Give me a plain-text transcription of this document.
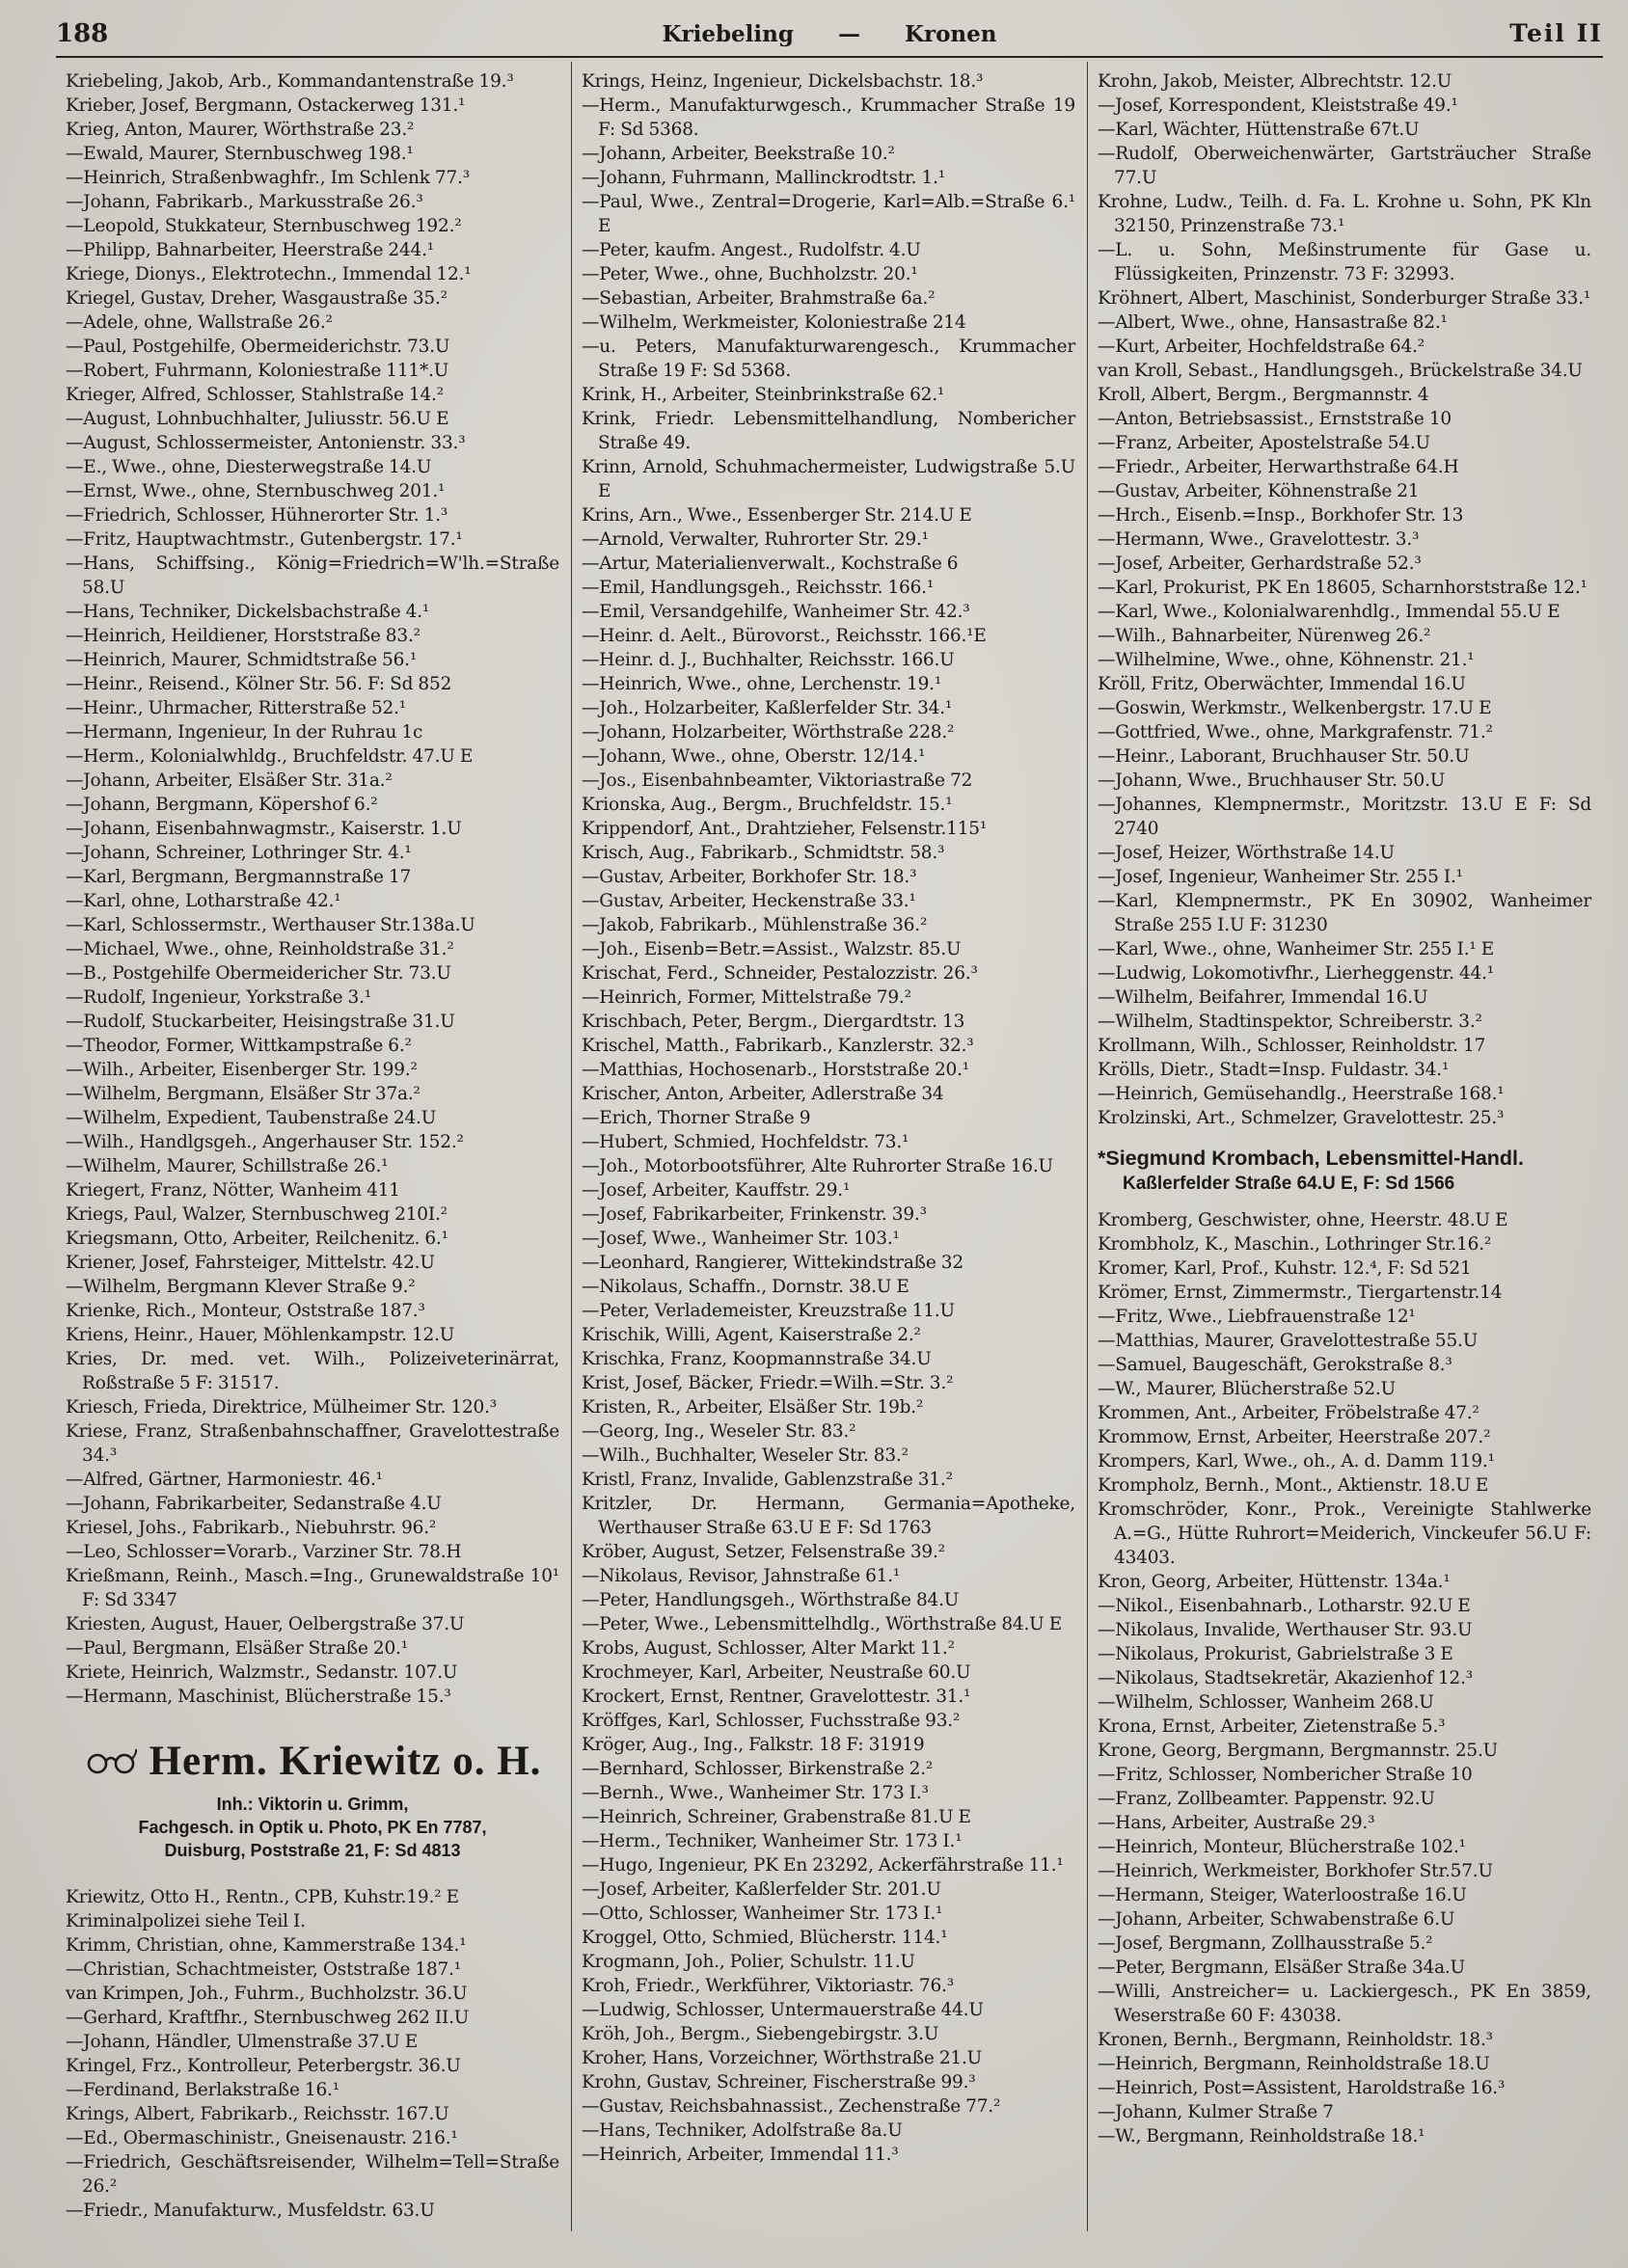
188	Kriebeling — Kronen	Teil II
Kriebeling, Jakob, Arb., Kommandantenstraße 19.³
Krieber, Josef, Bergmann, Ostackerweg 131.¹
Krieg, Anton, Maurer, Wörthstraße 23.²
—Ewald, Maurer, Sternbuschweg 198.¹
—Heinrich, Straßenbwaghfr., Im Schlenk 77.³
—Johann, Fabrikarb., Markusstraße 26.³
—Leopold, Stukkateur, Sternbuschweg 192.²
—Philipp, Bahnarbeiter, Heerstraße 244.¹
Kriege, Dionys., Elektrotechn., Immendal 12.¹
Kriegel, Gustav, Dreher, Wasgaustraße 35.²
—Adele, ohne, Wallstraße 26.²
—Paul, Postgehilfe, Obermeiderichstr. 73.U
—Robert, Fuhrmann, Koloniestraße 111*.U
Krieger, Alfred, Schlosser, Stahlstraße 14.²
—August, Lohnbuchhalter, Juliusstr. 56.U E
—August, Schlossermeister, Antonienstr. 33.³
—E., Wwe., ohne, Diesterwegstraße 14.U
—Ernst, Wwe., ohne, Sternbuschweg 201.¹
—Friedrich, Schlosser, Hühnerorter Str. 1.³
—Fritz, Hauptwachtmstr., Gutenbergstr. 17.¹
—Hans, Schiffsing., König=Friedrich=W'lh.=Straße 58.U
—Hans, Techniker, Dickelsbachstraße 4.¹
—Heinrich, Heildiener, Horststraße 83.²
—Heinrich, Maurer, Schmidtstraße 56.¹
—Heinr., Reisend., Kölner Str. 56. F: Sd 852
—Heinr., Uhrmacher, Ritterstraße 52.¹
—Hermann, Ingenieur, In der Ruhrau 1c
—Herm., Kolonialwhldg., Bruchfeldstr. 47.U E
—Johann, Arbeiter, Elsäßer Str. 31a.²
—Johann, Bergmann, Köpershof 6.²
—Johann, Eisenbahnwagmstr., Kaiserstr. 1.U
—Johann, Schreiner, Lothringer Str. 4.¹
—Karl, Bergmann, Bergmannstraße 17
—Karl, ohne, Lotharstraße 42.¹
—Karl, Schlossermstr., Werthauser Str.138a.U
—Michael, Wwe., ohne, Reinholdstraße 31.²
—B., Postgehilfe Obermeidericher Str. 73.U
—Rudolf, Ingenieur, Yorkstraße 3.¹
—Rudolf, Stuckarbeiter, Heisingstraße 31.U
—Theodor, Former, Wittkampstraße 6.²
—Wilh., Arbeiter, Eisenberger Str. 199.²
—Wilhelm, Bergmann, Elsäßer Str 37a.²
—Wilhelm, Expedient, Taubenstraße 24.U
—Wilh., Handlgsgeh., Angerhauser Str. 152.²
—Wilhelm, Maurer, Schillstraße 26.¹
Kriegert, Franz, Nötter, Wanheim 411
Kriegs, Paul, Walzer, Sternbuschweg 210I.²
Kriegsmann, Otto, Arbeiter, Reilchenitz. 6.¹
Kriener, Josef, Fahrsteiger, Mittelstr. 42.U
—Wilhelm, Bergmann Klever Straße 9.²
Krienke, Rich., Monteur, Oststraße 187.³
Kriens, Heinr., Hauer, Möhlenkampstr. 12.U
Kries, Dr. med. vet. Wilh., Polizeiveterinärrat, Roßstraße 5 F: 31517.
Kriesch, Frieda, Direktrice, Mülheimer Str. 120.³
Kriese, Franz, Straßenbahnschaffner, Gravelottestraße 34.³
—Alfred, Gärtner, Harmoniestr. 46.¹
—Johann, Fabrikarbeiter, Sedanstraße 4.U
Kriesel, Johs., Fabrikarb., Niebuhrstr. 96.²
—Leo, Schlosser=Vorarb., Varziner Str. 78.H
Krießmann, Reinh., Masch.=Ing., Grunewaldstraße 10¹ F: Sd 3347
Kriesten, August, Hauer, Oelbergstraße 37.U
—Paul, Bergmann, Elsäßer Straße 20.¹
Kriete, Heinrich, Walzmstr., Sedanstr. 107.U
—Hermann, Maschinist, Blücherstraße 15.³
Herm. Kriewitz o. H.
Inh.: Viktorin u. Grimm,
Fachgesch. in Optik u. Photo, PK En 7787,
Duisburg, Poststraße 21, F: Sd 4813
Kriewitz, Otto H., Rentn., CPB, Kuhstr.19.² E
Kriminalpolizei siehe Teil I.
Krimm, Christian, ohne, Kammerstraße 134.¹
—Christian, Schachtmeister, Oststraße 187.¹
van Krimpen, Joh., Fuhrm., Buchholzstr. 36.U
—Gerhard, Kraftfhr., Sternbuschweg 262 II.U
—Johann, Händler, Ulmenstraße 37.U E
Kringel, Frz., Kontrolleur, Peterbergstr. 36.U
—Ferdinand, Berlakstraße 16.¹
Krings, Albert, Fabrikarb., Reichsstr. 167.U
—Ed., Obermaschinistr., Gneisenaustr. 216.¹
—Friedrich, Geschäftsreisender, Wilhelm=Tell=Straße 26.²
—Friedr., Manufakturw., Musfeldstr. 63.U
Krings, Heinz, Ingenieur, Dickelsbachstr. 18.³
—Herm., Manufakturwgesch., Krummacher Straße 19 F: Sd 5368.
—Johann, Arbeiter, Beekstraße 10.²
—Johann, Fuhrmann, Mallinckrodtstr. 1.¹
—Paul, Wwe., Zentral=Drogerie, Karl=Alb.=Straße 6.¹ E
—Peter, kaufm. Angest., Rudolfstr. 4.U
—Peter, Wwe., ohne, Buchholzstr. 20.¹
—Sebastian, Arbeiter, Brahmstraße 6a.²
—Wilhelm, Werkmeister, Koloniestraße 214
—u. Peters, Manufakturwarengesch., Krummacher Straße 19 F: Sd 5368.
Krink, H., Arbeiter, Steinbrinkstraße 62.¹
Krink, Friedr. Lebensmittelhandlung, Nombericher Straße 49.
Krinn, Arnold, Schuhmachermeister, Ludwigstraße 5.U E
Krins, Arn., Wwe., Essenberger Str. 214.U E
—Arnold, Verwalter, Ruhrorter Str. 29.¹
—Artur, Materialienverwalt., Kochstraße 6
—Emil, Handlungsgeh., Reichsstr. 166.¹
—Emil, Versandgehilfe, Wanheimer Str. 42.³
—Heinr. d. Aelt., Bürovorst., Reichsstr. 166.¹E
—Heinr. d. J., Buchhalter, Reichsstr. 166.U
—Heinrich, Wwe., ohne, Lerchenstr. 19.¹
—Joh., Holzarbeiter, Kaßlerfelder Str. 34.¹
—Johann, Holzarbeiter, Wörthstraße 228.²
—Johann, Wwe., ohne, Oberstr. 12/14.¹
—Jos., Eisenbahnbeamter, Viktoriastraße 72
Krionska, Aug., Bergm., Bruchfeldstr. 15.¹
Krippendorf, Ant., Drahtzieher, Felsenstr.115¹
Krisch, Aug., Fabrikarb., Schmidtstr. 58.³
—Gustav, Arbeiter, Borkhofer Str. 18.³
—Gustav, Arbeiter, Heckenstraße 33.¹
—Jakob, Fabrikarb., Mühlenstraße 36.²
—Joh., Eisenb=Betr.=Assist., Walzstr. 85.U
Krischat, Ferd., Schneider, Pestalozzistr. 26.³
—Heinrich, Former, Mittelstraße 79.²
Krischbach, Peter, Bergm., Diergardtstr. 13
Krischel, Matth., Fabrikarb., Kanzlerstr. 32.³
—Matthias, Hochosenarb., Horststraße 20.¹
Krischer, Anton, Arbeiter, Adlerstraße 34
—Erich, Thorner Straße 9
—Hubert, Schmied, Hochfeldstr. 73.¹
—Joh., Motorbootsführer, Alte Ruhrorter Straße 16.U
—Josef, Arbeiter, Kauffstr. 29.¹
—Josef, Fabrikarbeiter, Frinkenstr. 39.³
—Josef, Wwe., Wanheimer Str. 103.¹
—Leonhard, Rangierer, Wittekindstraße 32
—Nikolaus, Schaffn., Dornstr. 38.U E
—Peter, Verlademeister, Kreuzstraße 11.U
Krischik, Willi, Agent, Kaiserstraße 2.²
Krischka, Franz, Koopmannstraße 34.U
Krist, Josef, Bäcker, Friedr.=Wilh.=Str. 3.²
Kristen, R., Arbeiter, Elsäßer Str. 19b.²
—Georg, Ing., Weseler Str. 83.²
—Wilh., Buchhalter, Weseler Str. 83.²
Kristl, Franz, Invalide, Gablenzstraße 31.²
Kritzler, Dr. Hermann, Germania=Apotheke, Werthauser Straße 63.U E F: Sd 1763
Kröber, August, Setzer, Felsenstraße 39.²
—Nikolaus, Revisor, Jahnstraße 61.¹
—Peter, Handlungsgeh., Wörthstraße 84.U
—Peter, Wwe., Lebensmittelhdlg., Wörthstraße 84.U E
Krobs, August, Schlosser, Alter Markt 11.²
Krochmeyer, Karl, Arbeiter, Neustraße 60.U
Krockert, Ernst, Rentner, Gravelottestr. 31.¹
Kröffges, Karl, Schlosser, Fuchsstraße 93.²
Kröger, Aug., Ing., Falkstr. 18 F: 31919
—Bernhard, Schlosser, Birkenstraße 2.²
—Bernh., Wwe., Wanheimer Str. 173 I.³
—Heinrich, Schreiner, Grabenstraße 81.U E
—Herm., Techniker, Wanheimer Str. 173 I.¹
—Hugo, Ingenieur, PK En 23292, Ackerfährstraße 11.¹
—Josef, Arbeiter, Kaßlerfelder Str. 201.U
—Otto, Schlosser, Wanheimer Str. 173 I.¹
Kroggel, Otto, Schmied, Blücherstr. 114.¹
Krogmann, Joh., Polier, Schulstr. 11.U
Kroh, Friedr., Werkführer, Viktoriastr. 76.³
—Ludwig, Schlosser, Untermauerstraße 44.U
Kröh, Joh., Bergm., Siebengebirgstr. 3.U
Kroher, Hans, Vorzeichner, Wörthstraße 21.U
Krohn, Gustav, Schreiner, Fischerstraße 99.³
—Gustav, Reichsbahnassist., Zechenstraße 77.²
—Hans, Techniker, Adolfstraße 8a.U
—Heinrich, Arbeiter, Immendal 11.³
Krohn, Jakob, Meister, Albrechtstr. 12.U
—Josef, Korrespondent, Kleiststraße 49.¹
—Karl, Wächter, Hüttenstraße 67t.U
—Rudolf, Oberweichenwärter, Gartsträucher Straße 77.U
Krohne, Ludw., Teilh. d. Fa. L. Krohne u. Sohn, PK Kln 32150, Prinzenstraße 73.¹
—L. u. Sohn, Meßinstrumente für Gase u. Flüssigkeiten, Prinzenstr. 73 F: 32993.
Kröhnert, Albert, Maschinist, Sonderburger Straße 33.¹
—Albert, Wwe., ohne, Hansastraße 82.¹
—Kurt, Arbeiter, Hochfeldstraße 64.²
van Kroll, Sebast., Handlungsgeh., Brückelstraße 34.U
Kroll, Albert, Bergm., Bergmannstr. 4
—Anton, Betriebsassist., Ernststraße 10
—Franz, Arbeiter, Apostelstraße 54.U
—Friedr., Arbeiter, Herwarthstraße 64.H
—Gustav, Arbeiter, Köhnenstraße 21
—Hrch., Eisenb.=Insp., Borkhofer Str. 13
—Hermann, Wwe., Gravelottestr. 3.³
—Josef, Arbeiter, Gerhardstraße 52.³
—Karl, Prokurist, PK En 18605, Scharnhorststraße 12.¹
—Karl, Wwe., Kolonialwarenhdlg., Immendal 55.U E
—Wilh., Bahnarbeiter, Nürenweg 26.²
—Wilhelmine, Wwe., ohne, Köhnenstr. 21.¹
Kröll, Fritz, Oberwächter, Immendal 16.U
—Goswin, Werkmstr., Welkenbergstr. 17.U E
—Gottfried, Wwe., ohne, Markgrafenstr. 71.²
—Heinr., Laborant, Bruchhauser Str. 50.U
—Johann, Wwe., Bruchhauser Str. 50.U
—Johannes, Klempnermstr., Moritzstr. 13.U E F: Sd 2740
—Josef, Heizer, Wörthstraße 14.U
—Josef, Ingenieur, Wanheimer Str. 255 I.¹
—Karl, Klempnermstr., PK En 30902, Wanheimer Straße 255 I.U F: 31230
—Karl, Wwe., ohne, Wanheimer Str. 255 I.¹ E
—Ludwig, Lokomotivfhr., Lierheggenstr. 44.¹
—Wilhelm, Beifahrer, Immendal 16.U
—Wilhelm, Stadtinspektor, Schreiberstr. 3.²
Krollmann, Wilh., Schlosser, Reinholdstr. 17
Krölls, Dietr., Stadt=Insp. Fuldastr. 34.¹
—Heinrich, Gemüsehandlg., Heerstraße 168.¹
Krolzinski, Art., Schmelzer, Gravelottestr. 25.³
*Siegmund Krombach, Lebensmittel-Handl.
Kaßlerfelder Straße 64.U E, F: Sd 1566
Kromberg, Geschwister, ohne, Heerstr. 48.U E
Krombholz, K., Maschin., Lothringer Str.16.²
Kromer, Karl, Prof., Kuhstr. 12.⁴, F: Sd 521
Krömer, Ernst, Zimmermstr., Tiergartenstr.14
—Fritz, Wwe., Liebfrauenstraße 12¹
—Matthias, Maurer, Gravelottestraße 55.U
—Samuel, Baugeschäft, Gerokstraße 8.³
—W., Maurer, Blücherstraße 52.U
Krommen, Ant., Arbeiter, Fröbelstraße 47.²
Krommow, Ernst, Arbeiter, Heerstraße 207.²
Krompers, Karl, Wwe., oh., A. d. Damm 119.¹
Krompholz, Bernh., Mont., Aktienstr. 18.U E
Kromschröder, Konr., Prok., Vereinigte Stahlwerke A.=G., Hütte Ruhrort=Meiderich, Vinckeufer 56.U F: 43403.
Kron, Georg, Arbeiter, Hüttenstr. 134a.¹
—Nikol., Eisenbahnarb., Lotharstr. 92.U E
—Nikolaus, Invalide, Werthauser Str. 93.U
—Nikolaus, Prokurist, Gabrielstraße 3 E
—Nikolaus, Stadtsekretär, Akazienhof 12.³
—Wilhelm, Schlosser, Wanheim 268.U
Krona, Ernst, Arbeiter, Zietenstraße 5.³
Krone, Georg, Bergmann, Bergmannstr. 25.U
—Fritz, Schlosser, Nombericher Straße 10
—Franz, Zollbeamter. Pappenstr. 92.U
—Hans, Arbeiter, Austraße 29.³
—Heinrich, Monteur, Blücherstraße 102.¹
—Heinrich, Werkmeister, Borkhofer Str.57.U
—Hermann, Steiger, Waterloostraße 16.U
—Johann, Arbeiter, Schwabenstraße 6.U
—Josef, Bergmann, Zollhausstraße 5.²
—Peter, Bergmann, Elsäßer Straße 34a.U
—Willi, Anstreicher= u. Lackiergesch., PK En 3859, Weserstraße 60 F: 43038.
Kronen, Bernh., Bergmann, Reinholdstr. 18.³
—Heinrich, Bergmann, Reinholdstraße 18.U
—Heinrich, Post=Assistent, Haroldstraße 16.³
—Johann, Kulmer Straße 7
—W., Bergmann, Reinholdstraße 18.¹
